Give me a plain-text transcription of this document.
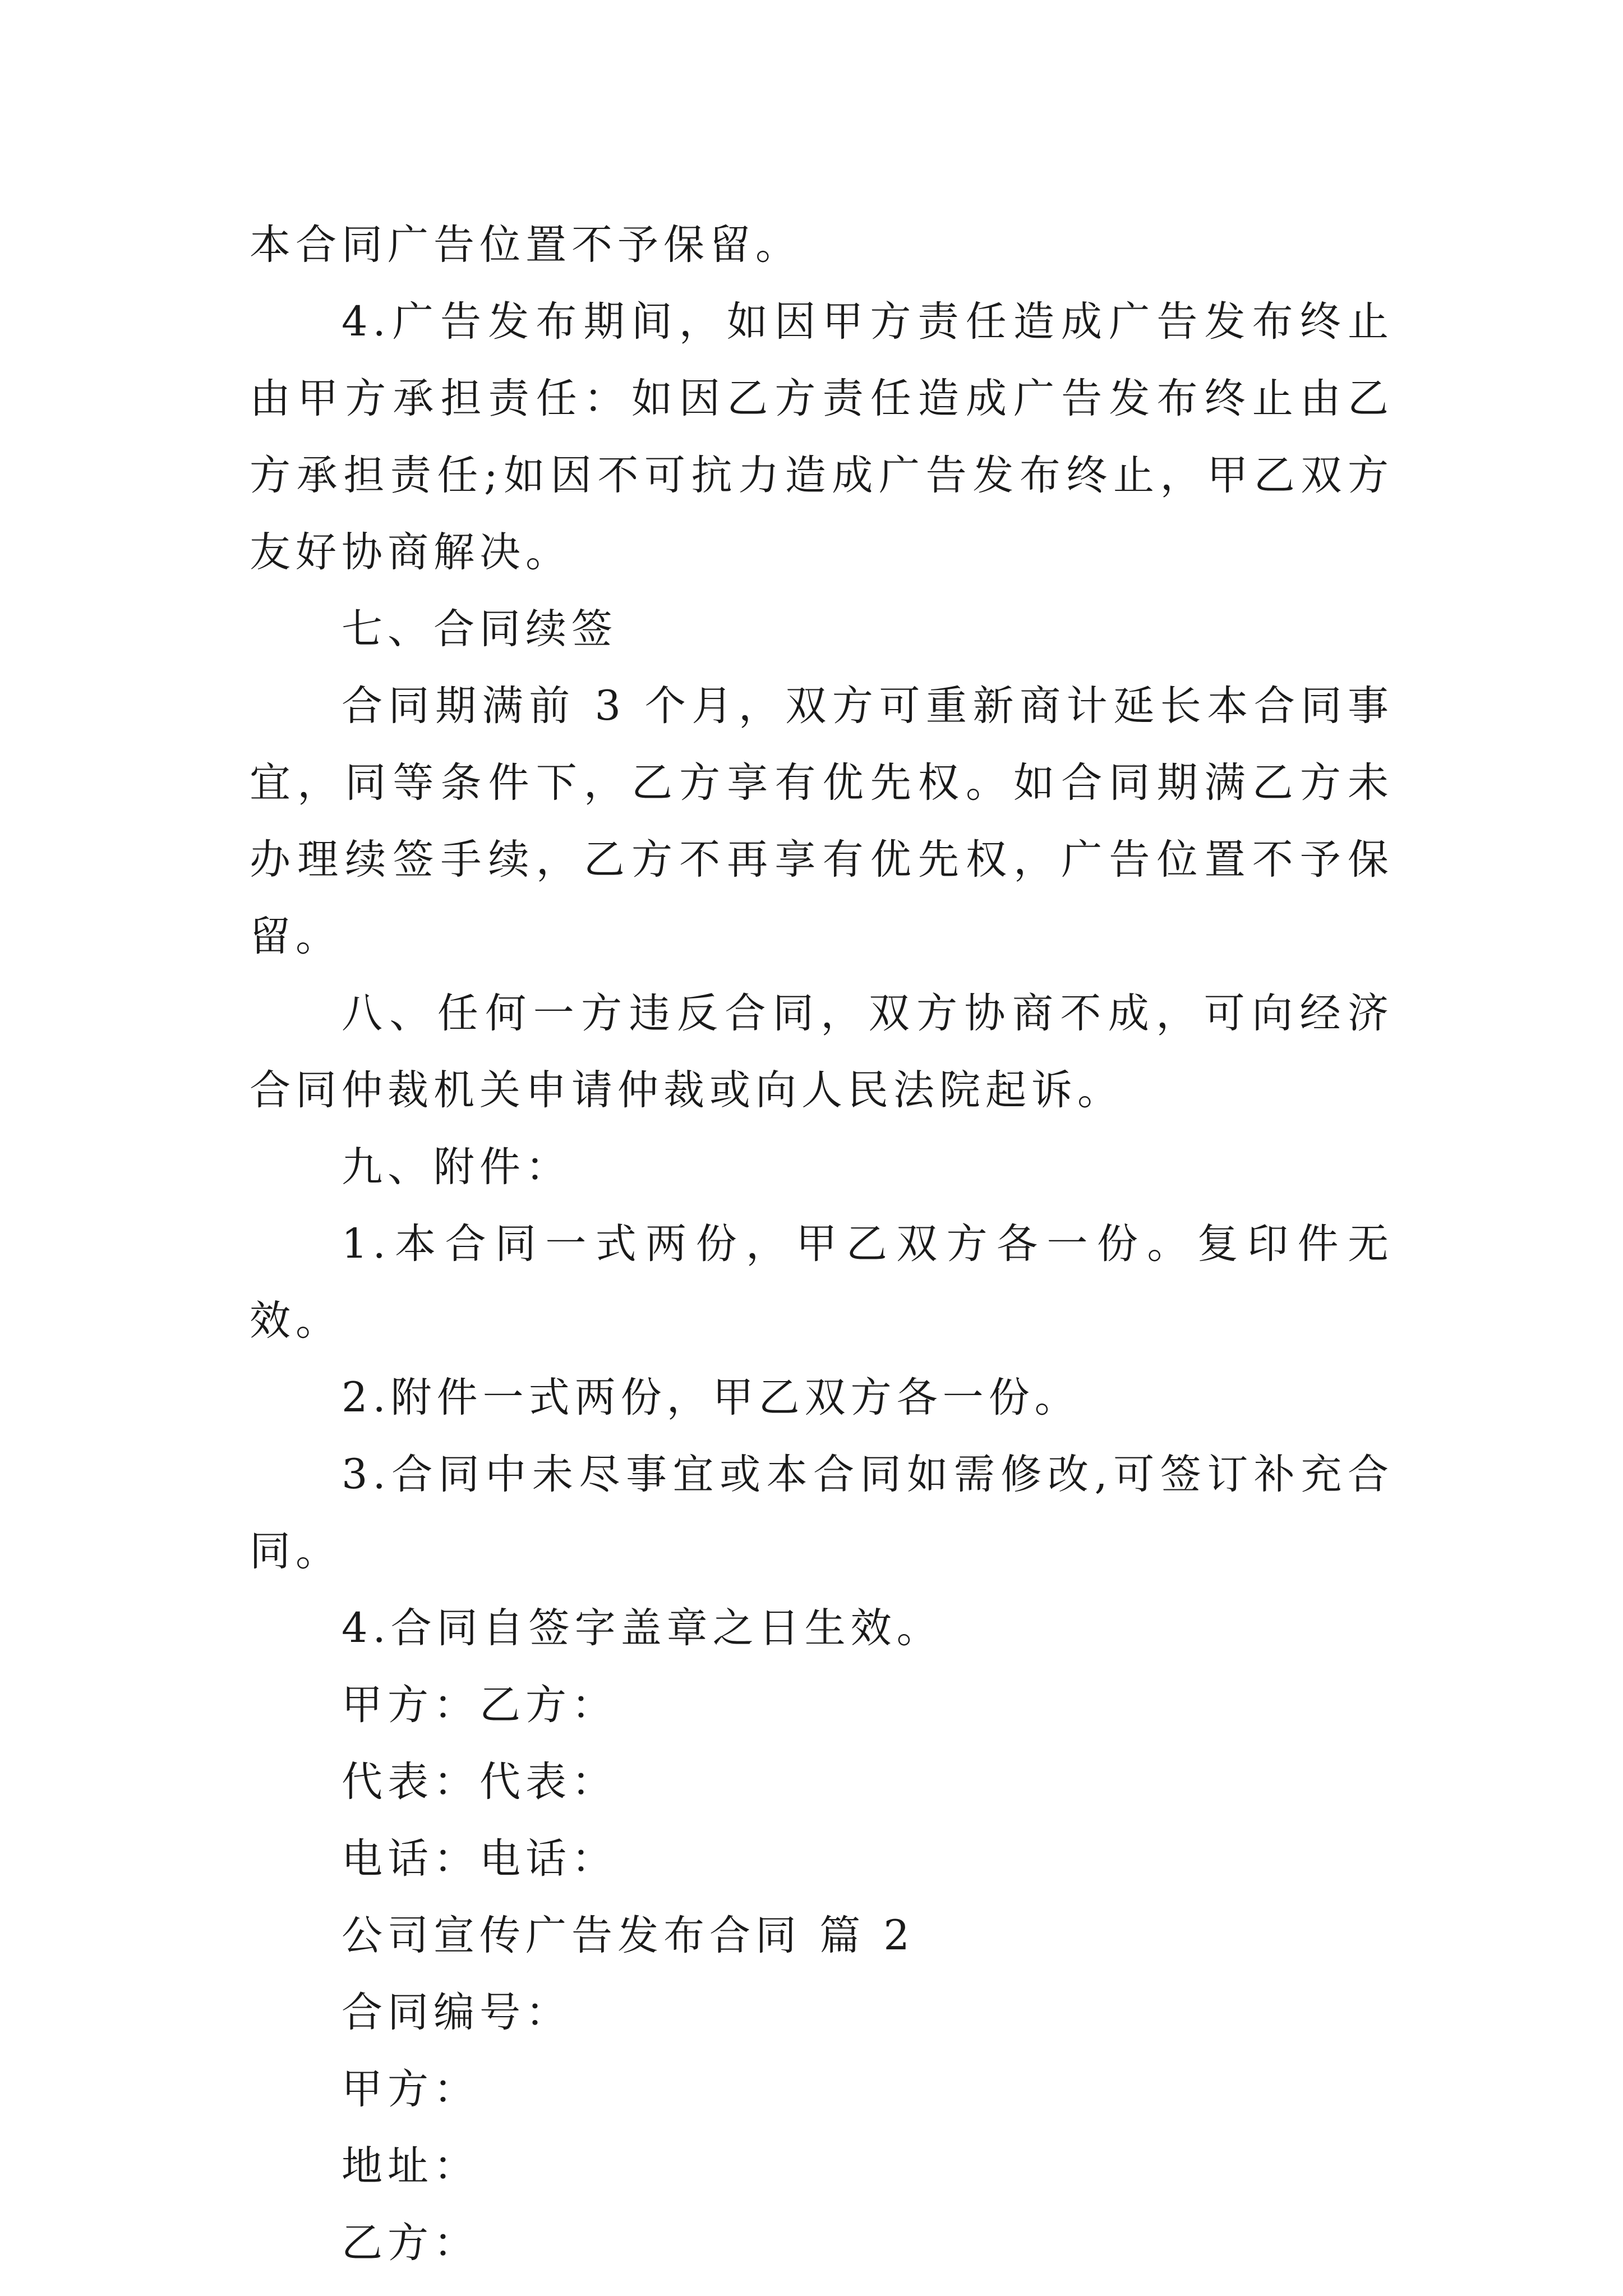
本合同广告位置不予保留。

4.广告发布期间，如因甲方责任造成广告发布终止由甲方承担责任：如因乙方责任造成广告发布终止由乙方承担责任;如因不可抗力造成广告发布终止，甲乙双方友好协商解决。

七、合同续签

合同期满前 3 个月，双方可重新商计延长本合同事宜，同等条件下，乙方享有优先权。如合同期满乙方未办理续签手续，乙方不再享有优先权，广告位置不予保留。

八、任何一方违反合同，双方协商不成，可向经济合同仲裁机关申请仲裁或向人民法院起诉。

九、附件：

1.本合同一式两份，甲乙双方各一份。复印件无效。

2.附件一式两份，甲乙双方各一份。

3.合同中未尽事宜或本合同如需修改,可签订补充合同。

4.合同自签字盖章之日生效。

甲方：乙方：

代表：代表：

电话：电话：

公司宣传广告发布合同 篇 2

合同编号：

甲方：

地址：

乙方：
